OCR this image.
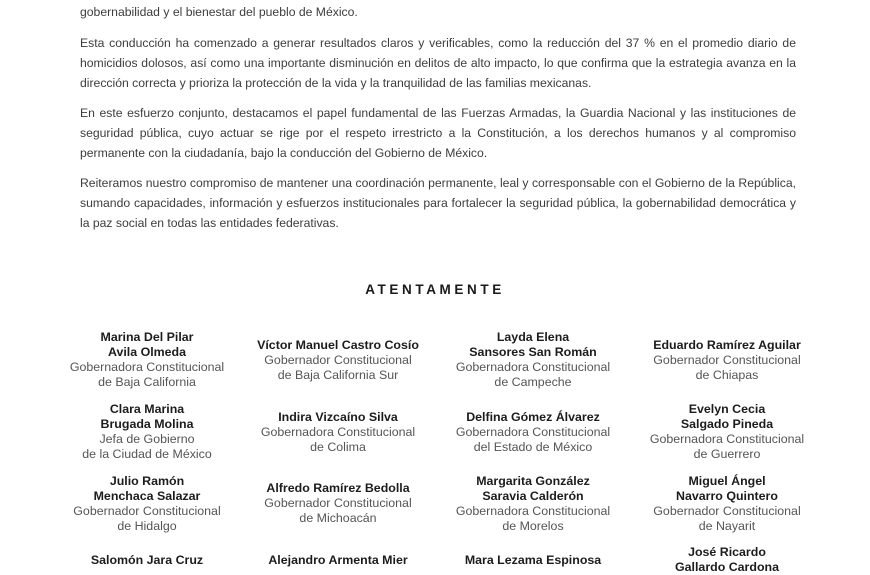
gobernabilidad y el bienestar del pueblo de México.

Esta conducción ha comenzado a generar resultados claros y verificables, como la reducción del 37 % en el promedio diario de homicidios dolosos, así como una importante disminución en delitos de alto impacto, lo que confirma que la estrategia avanza en la dirección correcta y prioriza la protección de la vida y la tranquilidad de las familias mexicanas.

En este esfuerzo conjunto, destacamos el papel fundamental de las Fuerzas Armadas, la Guardia Nacional y las instituciones de seguridad pública, cuyo actuar se rige por el respeto irrestricto a la Constitución, a los derechos humanos y al compromiso permanente con la ciudadanía, bajo la conducción del Gobierno de México.

Reiteramos nuestro compromiso de mantener una coordinación permanente, leal y corresponsable con el Gobierno de la República, sumando capacidades, información y esfuerzos institucionales para fortalecer la seguridad pública, la gobernabilidad democrática y la paz social en todas las entidades federativas.

ATENTAMENTE
Marina Del Pilar
Avila Olmeda
Gobernadora Constitucional
de Baja California
Víctor Manuel Castro Cosío
Gobernador Constitucional
de Baja California Sur
Layda Elena
Sansores San Román
Gobernadora Constitucional
de Campeche
Eduardo Ramírez Aguilar
Gobernador Constitucional
de Chiapas
Clara Marina
Brugada Molina
Jefa de Gobierno
de la Ciudad de México
Indira Vizcaíno Silva
Gobernadora Constitucional
de Colima
Delfina Gómez Álvarez
Gobernadora Constitucional
del Estado de México
Evelyn Cecia
Salgado Pineda
Gobernadora Constitucional
de Guerrero
Julio Ramón
Menchaca Salazar
Gobernador Constitucional
de Hidalgo
Alfredo Ramírez Bedolla
Gobernador Constitucional
de Michoacán
Margarita González
Saravia Calderón
Gobernadora Constitucional
de Morelos
Miguel Ángel
Navarro Quintero
Gobernador Constitucional
de Nayarit
Salomón Jara Cruz	Alejandro Armenta Mier	Mara Lezama Espinosa
José Ricardo
Gallardo Cardona
